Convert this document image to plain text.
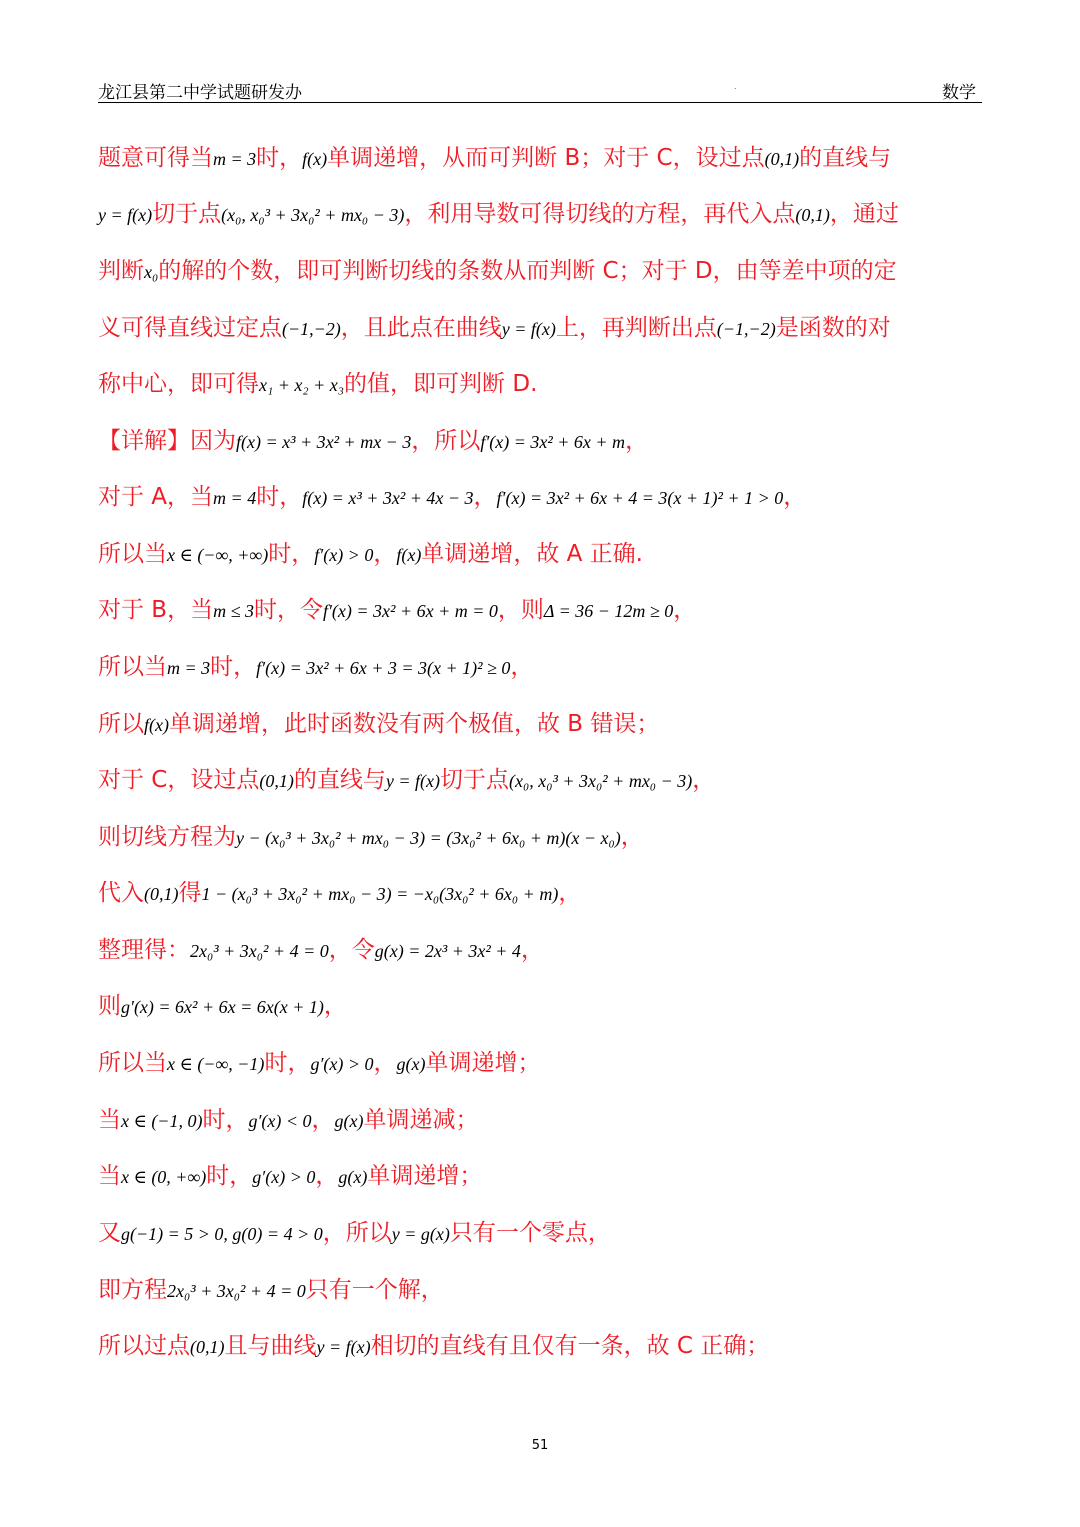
龙江县第二中学试题研发办	.	数学
题意可得当m = 3时，f(x)单调递增，从而可判断 B；对于 C，设过点(0,1)的直线与
y = f(x)切于点(x₀, x₀³ + 3x₀² + mx₀ − 3)，利用导数可得切线的方程，再代入点(0,1)，通过
判断x₀的解的个数，即可判断切线的条数从而判断 C；对于 D，由等差中项的定
义可得直线过定点(−1,−2)，且此点在曲线y = f(x)上，再判断出点(−1,−2)是函数的对
称中心，即可得x₁ + x₂ + x₃的值，即可判断 D.
【详解】因为f(x) = x³ + 3x² + mx − 3，所以f′(x) = 3x² + 6x + m，
对于 A，当m = 4时，f(x) = x³ + 3x² + 4x − 3，f′(x) = 3x² + 6x + 4 = 3(x + 1)² + 1 > 0，
所以当x ∈ (−∞, +∞)时，f′(x) > 0，f(x)单调递增，故 A 正确.
对于 B，当m ≤ 3时，令f′(x) = 3x² + 6x + m = 0，则Δ = 36 − 12m ≥ 0，
所以当m = 3时，f′(x) = 3x² + 6x + 3 = 3(x + 1)² ≥ 0，
所以f(x)单调递增，此时函数没有两个极值，故 B 错误；
对于 C，设过点(0,1)的直线与y = f(x)切于点(x₀, x₀³ + 3x₀² + mx₀ − 3)，
则切线方程为y − (x₀³ + 3x₀² + mx₀ − 3) = (3x₀² + 6x₀ + m)(x − x₀)，
代入(0,1)得1 − (x₀³ + 3x₀² + mx₀ − 3) = −x₀(3x₀² + 6x₀ + m)，
整理得：2x₀³ + 3x₀² + 4 = 0，令g(x) = 2x³ + 3x² + 4，
则g′(x) = 6x² + 6x = 6x(x + 1)，
所以当x ∈ (−∞, −1)时，g′(x) > 0，g(x)单调递增；
当x ∈ (−1, 0)时，g′(x) < 0，g(x)单调递减；
当x ∈ (0, +∞)时，g′(x) > 0，g(x)单调递增；
又g(−1) = 5 > 0, g(0) = 4 > 0，所以y = g(x)只有一个零点，
即方程2x₀³ + 3x₀² + 4 = 0只有一个解，
所以过点(0,1)且与曲线y = f(x)相切的直线有且仅有一条，故 C 正确；
51
